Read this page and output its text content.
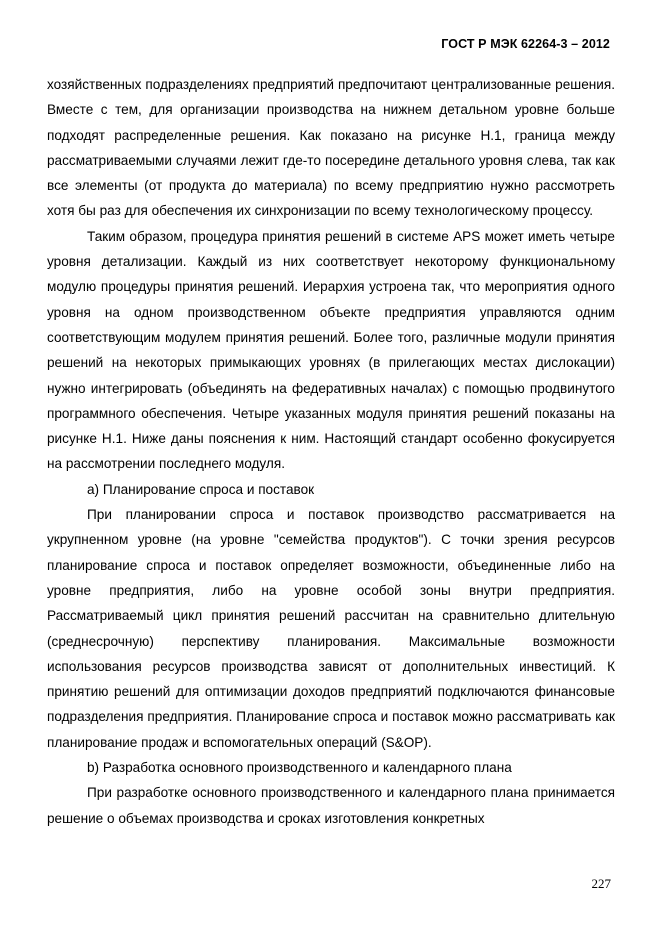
ГОСТ Р МЭК 62264-3 – 2012

хозяйственных подразделениях предприятий предпочитают централизованные решения. Вместе с тем, для организации производства на нижнем детальном уровне больше подходят распределенные решения. Как показано на рисунке H.1, граница между рассматриваемыми случаями лежит где-то посередине детального уровня слева, так как все элементы (от продукта до материала) по всему предприятию нужно рассмотреть хотя бы раз для обеспечения их синхронизации по всему технологическому процессу.

Таким образом, процедура принятия решений в системе APS может иметь четыре уровня детализации. Каждый из них соответствует некоторому функциональному модулю процедуры принятия решений. Иерархия устроена так, что мероприятия одного уровня на одном производственном объекте предприятия управляются одним соответствующим модулем принятия решений. Более того, различные модули принятия решений на некоторых примыкающих уровнях (в прилегающих местах дислокации) нужно интегрировать (объединять на федеративных началах) с помощью продвинутого программного обеспечения. Четыре указанных модуля принятия решений показаны на рисунке H.1. Ниже даны пояснения к ним. Настоящий стандарт особенно фокусируется на рассмотрении последнего модуля.

a) Планирование спроса и поставок

При планировании спроса и поставок производство рассматривается на укрупненном уровне (на уровне "семейства продуктов"). С точки зрения ресурсов планирование спроса и поставок определяет возможности, объединенные либо на уровне предприятия, либо на уровне особой зоны внутри предприятия. Рассматриваемый цикл принятия решений рассчитан на сравнительно длительную (среднесрочную) перспективу планирования. Максимальные возможности использования ресурсов производства зависят от дополнительных инвестиций. К принятию решений для оптимизации доходов предприятий подключаются финансовые подразделения предприятия. Планирование спроса и поставок можно рассматривать как планирование продаж и вспомогательных операций (S&OP).

b) Разработка основного производственного и календарного плана

При разработке основного производственного и календарного плана принимается решение о объемах производства и сроках изготовления конкретных

227
